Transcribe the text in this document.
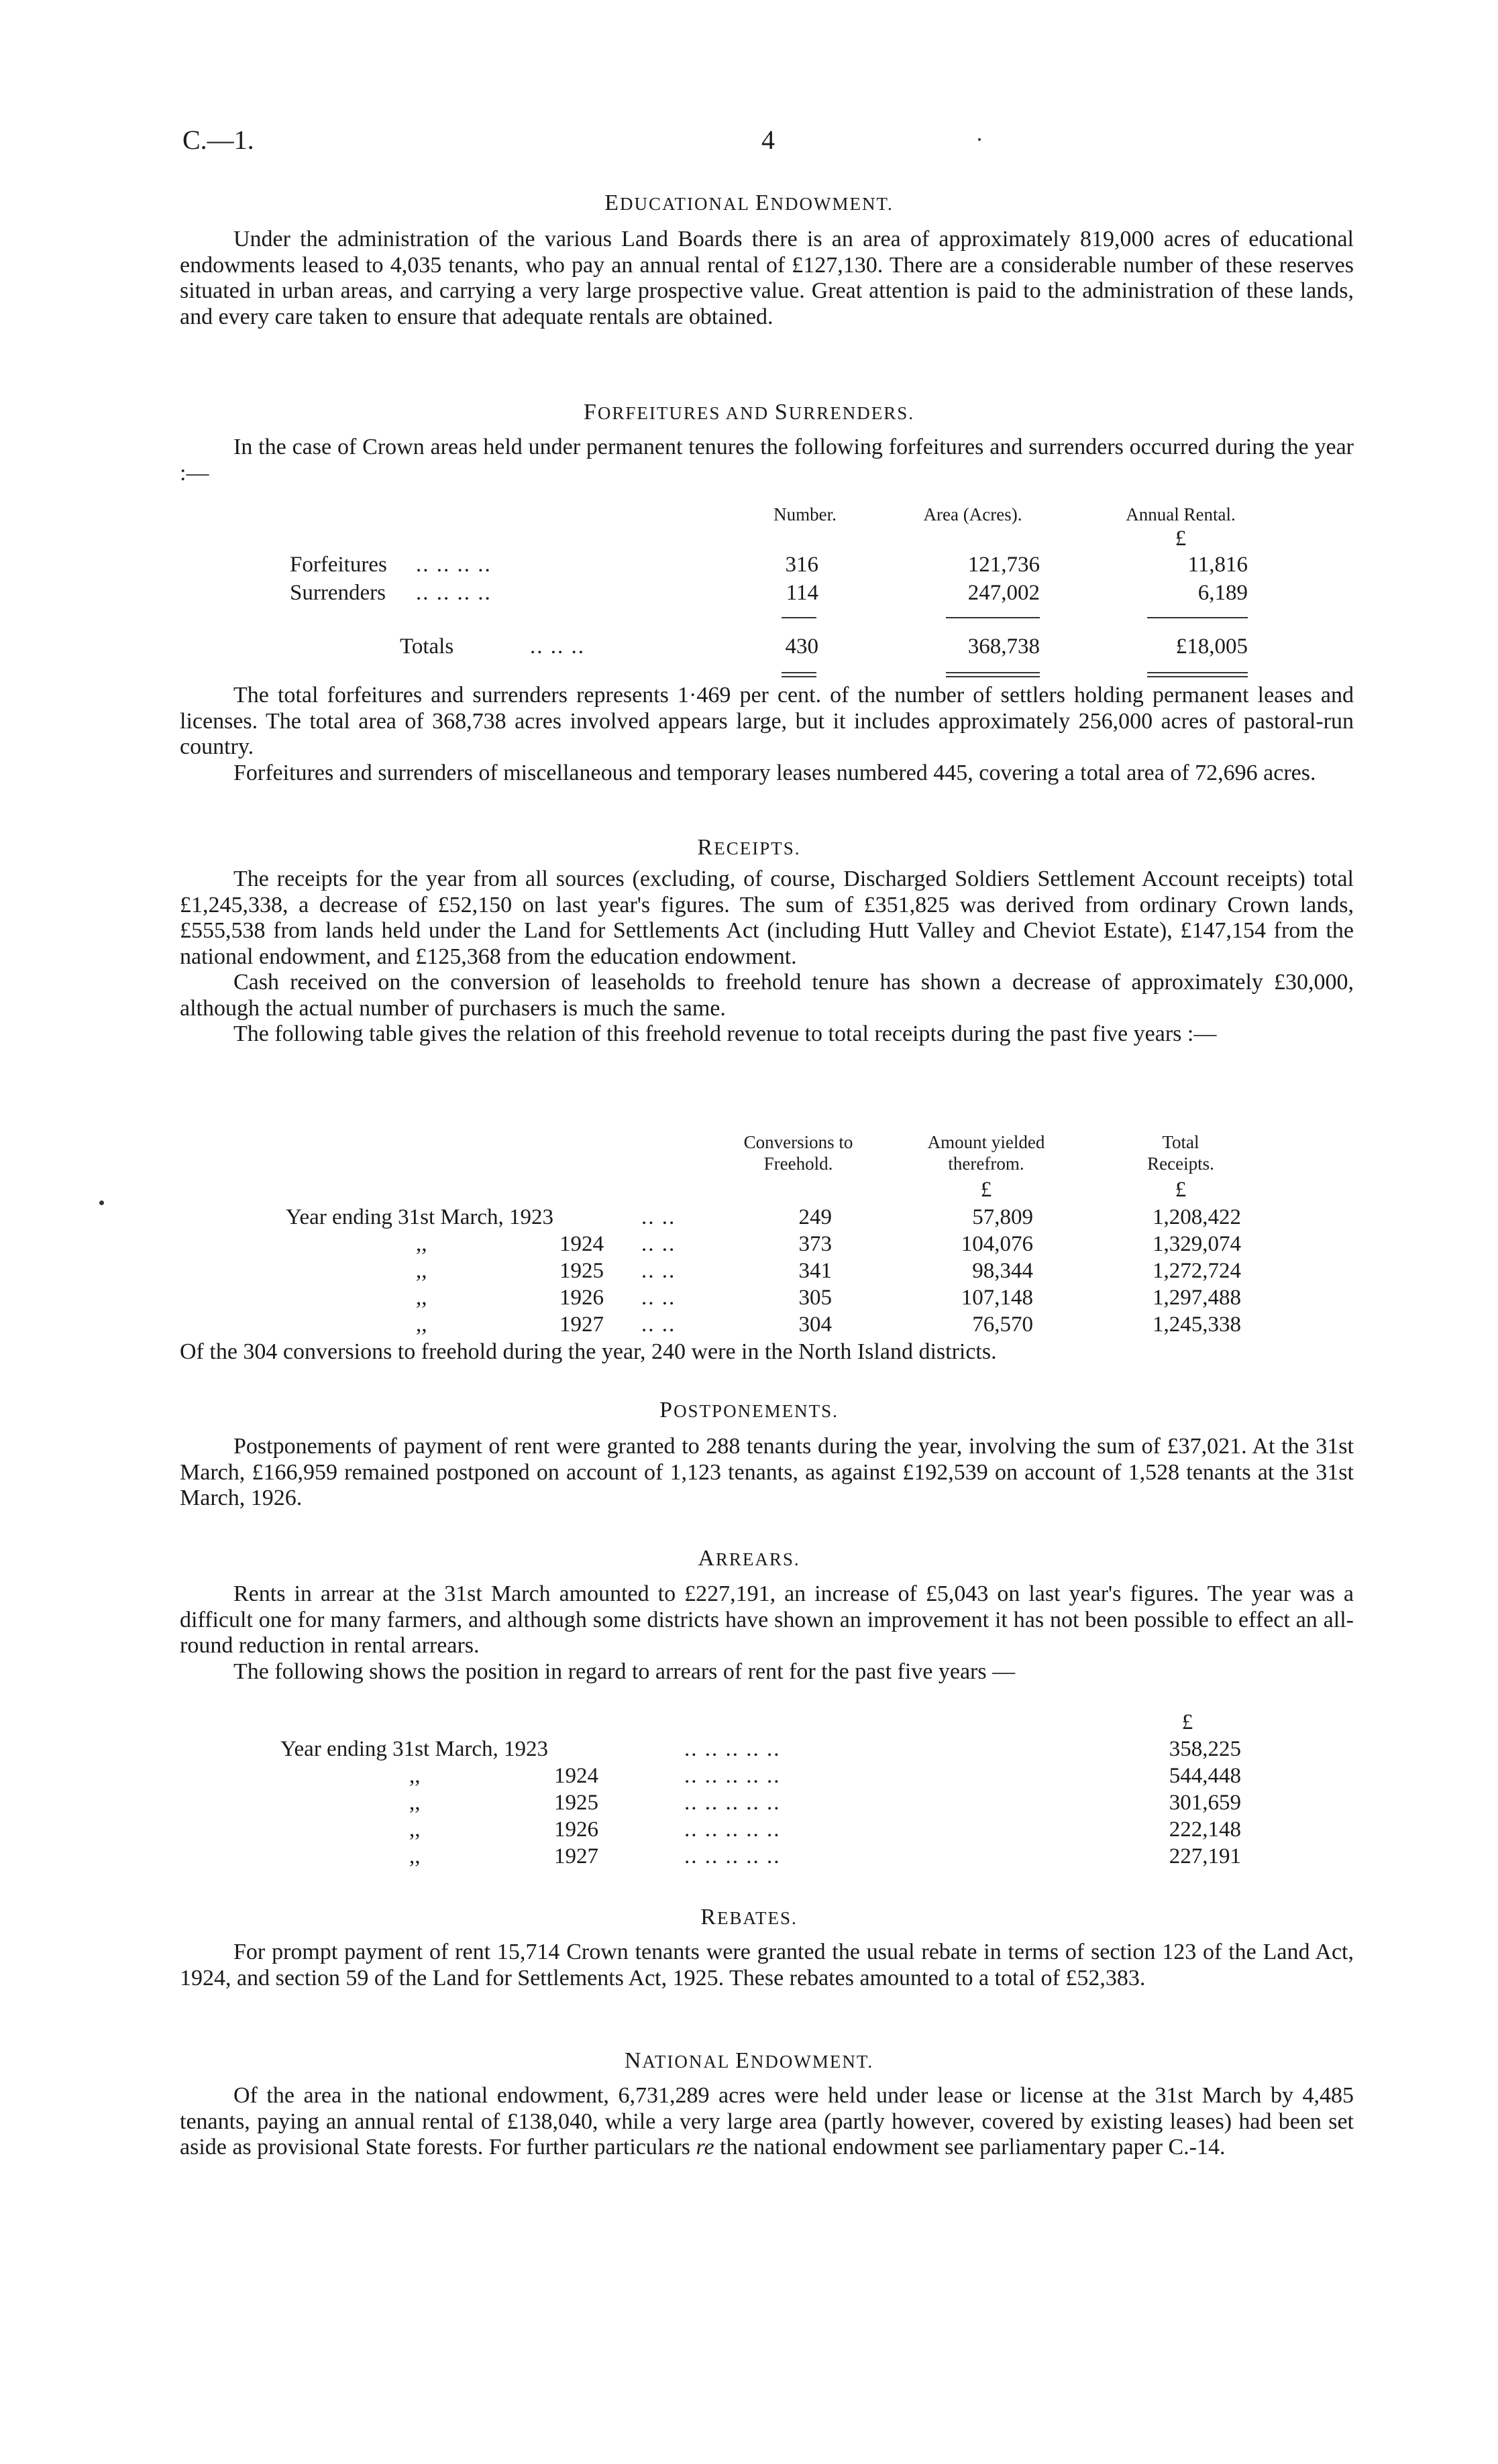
C.—1.	4
EDUCATIONAL ENDOWMENT.

Under the administration of the various Land Boards there is an area of approximately 819,000 acres of educational endowments leased to 4,035 tenants, who pay an annual rental of £127,130. There are a considerable number of these reserves situated in urban areas, and carrying a very large prospective value. Great attention is paid to the administration of these lands, and every care taken to ensure that adequate rentals are obtained.

FORFEITURES AND SURRENDERS.

In the case of Crown areas held under permanent tenures the following forfeitures and surrenders occurred during the year :—

Number.	Area (Acres).	Annual Rental.
£
Forfeitures .. .. .. ..	316	121,736	11,816
Surrenders .. .. .. ..	114	247,002	6,189
Totals	.. .. ..	430	368,738	£18,005

The total forfeitures and surrenders represents 1·469 per cent. of the number of settlers holding permanent leases and licenses. The total area of 368,738 acres involved appears large, but it includes approximately 256,000 acres of pastoral-run country.

Forfeitures and surrenders of miscellaneous and temporary leases numbered 445, covering a total area of 72,696 acres.

RECEIPTS.

The receipts for the year from all sources (excluding, of course, Discharged Soldiers Settlement Account receipts) total £1,245,338, a decrease of £52,150 on last year's figures. The sum of £351,825 was derived from ordinary Crown lands, £555,538 from lands held under the Land for Settlements Act (including Hutt Valley and Cheviot Estate), £147,154 from the national endowment, and £125,368 from the education endowment.

Cash received on the conversion of leaseholds to freehold tenure has shown a decrease of approximately £30,000, although the actual number of purchasers is much the same.

The following table gives the relation of this freehold revenue to total receipts during the past five years :—

Conversions to
Freehold.
Amount yielded
therefrom.
Total
Receipts.
£	£
Year ending 31st March, 1923	.. ..	249	57,809	1,208,422
,,	1924 .. ..	373	104,076	1,329,074
,,	1925 .. ..	341	98,344	1,272,724
,,	1926 .. ..	305	107,148	1,297,488
,,	1927 .. ..	304	76,570	1,245,338

Of the 304 conversions to freehold during the year, 240 were in the North Island districts.

POSTPONEMENTS.

Postponements of payment of rent were granted to 288 tenants during the year, involving the sum of £37,021. At the 31st March, £166,959 remained postponed on account of 1,123 tenants, as against £192,539 on account of 1,528 tenants at the 31st March, 1926.

ARREARS.

Rents in arrear at the 31st March amounted to £227,191, an increase of £5,043 on last year's figures. The year was a difficult one for many farmers, and although some districts have shown an improvement it has not been possible to effect an all-round reduction in rental arrears.

The following shows the position in regard to arrears of rent for the past five years —

£
Year ending 31st March, 1923	.. .. .. .. ..	358,225
,,	1924	.. .. .. .. ..	544,448
,,	1925	.. .. .. .. ..	301,659
,,	1926	.. .. .. .. ..	222,148
,,	1927	.. .. .. .. ..	227,191
REBATES.

For prompt payment of rent 15,714 Crown tenants were granted the usual rebate in terms of section 123 of the Land Act, 1924, and section 59 of the Land for Settlements Act, 1925. These rebates amounted to a total of £52,383.

NATIONAL ENDOWMENT.

Of the area in the national endowment, 6,731,289 acres were held under lease or license at the 31st March by 4,485 tenants, paying an annual rental of £138,040, while a very large area (partly however, covered by existing leases) had been set aside as provisional State forests. For further particulars re the national endowment see parliamentary paper C.-14.
